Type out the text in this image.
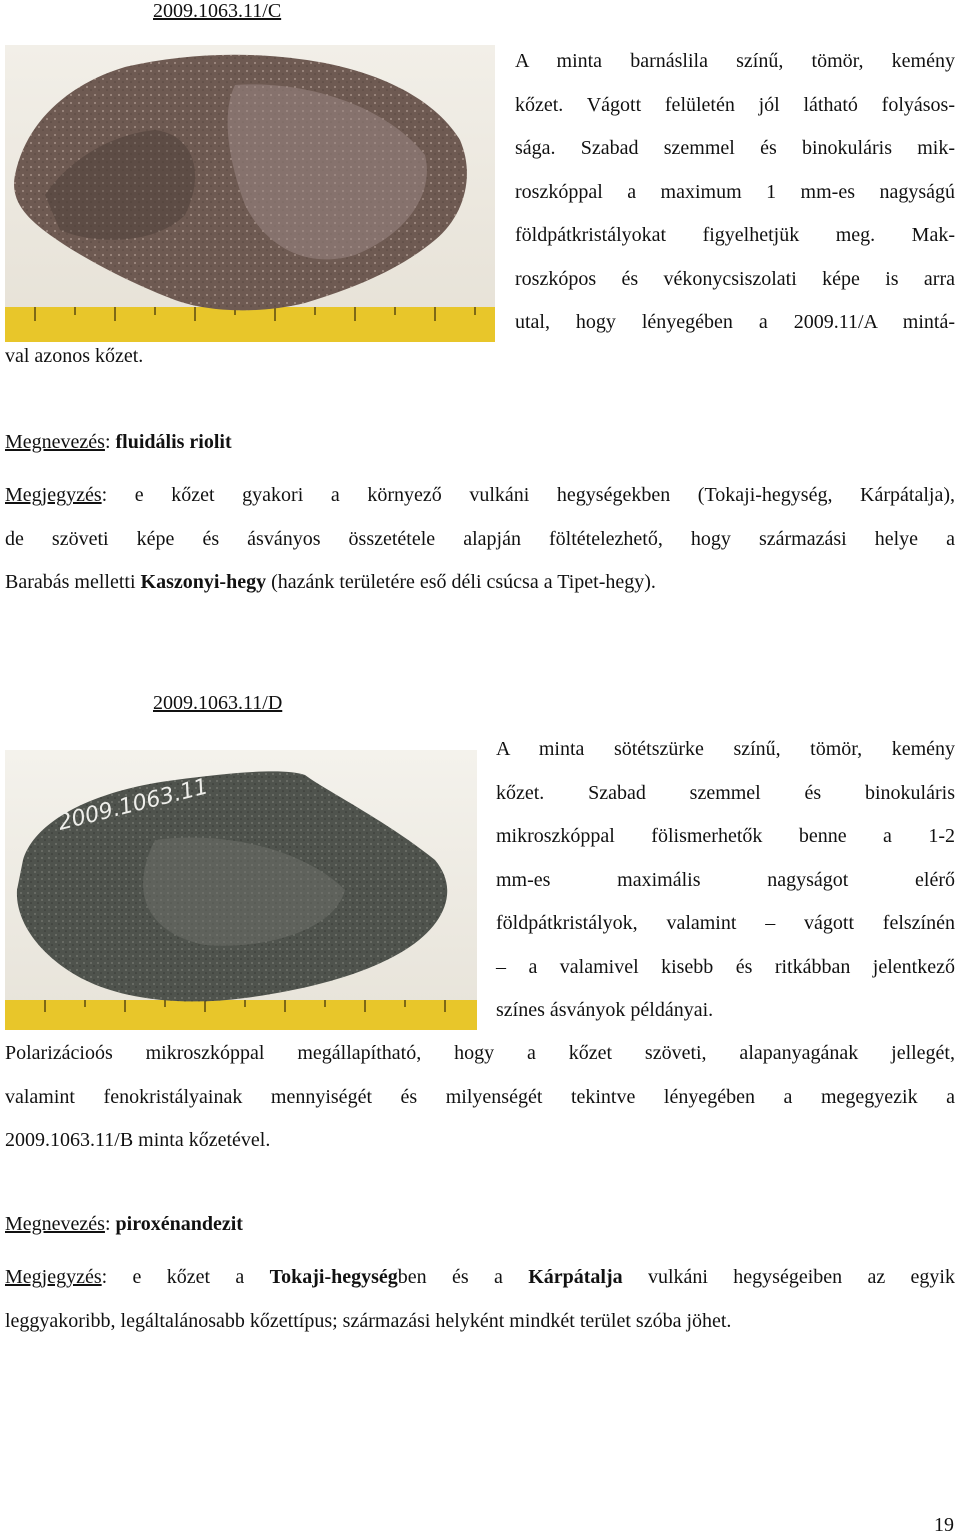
2009.1063.11/C
A minta barnáslila színű, tömör, kemény
kőzet. Vágott felületén jól látható folyásos-
sága. Szabad szemmel és binokuláris mik-
roszkóppal a maximum 1 mm-es nagyságú
földpátkristályokat figyelhetjük meg. Mak-
roszkópos és vékonycsiszolati képe is arra
utal, hogy lényegében a 2009.11/A mintá-
val azonos kőzet.
Megnevezés: fluidális riolit
Megjegyzés: e kőzet gyakori a környező vulkáni hegységekben (Tokaji-hegység, Kárpátalja),
de szöveti képe és ásványos összetétele alapján föltételezhető, hogy származási helye a
Barabás melletti Kaszonyi-hegy (hazánk területére eső déli csúcsa a Tipet-hegy).
2009.1063.11/D
2009.1063.11
A minta sötétszürke színű, tömör, kemény
kőzet. Szabad szemmel és binokuláris
mikroszkóppal fölismerhetők benne a 1-2
mm-es maximális nagyságot elérő
földpátkristályok, valamint – vágott felszínén
– a valamivel kisebb és ritkábban jelentkező
színes ásványok példányai.
Polarizácioós mikroszkóppal megállapítható, hogy a kőzet szöveti, alapanyagának jellegét,
valamint fenokristályainak mennyiségét és milyenségét tekintve lényegében a megegyezik a
2009.1063.11/B minta kőzetével.
Megnevezés: piroxénandezit
Megjegyzés: e kőzet a Tokaji-hegységben és a Kárpátalja vulkáni hegységeiben az egyik
leggyakoribb, legáltalánosabb kőzettípus; származási helyként mindkét terület szóba jöhet.
19
